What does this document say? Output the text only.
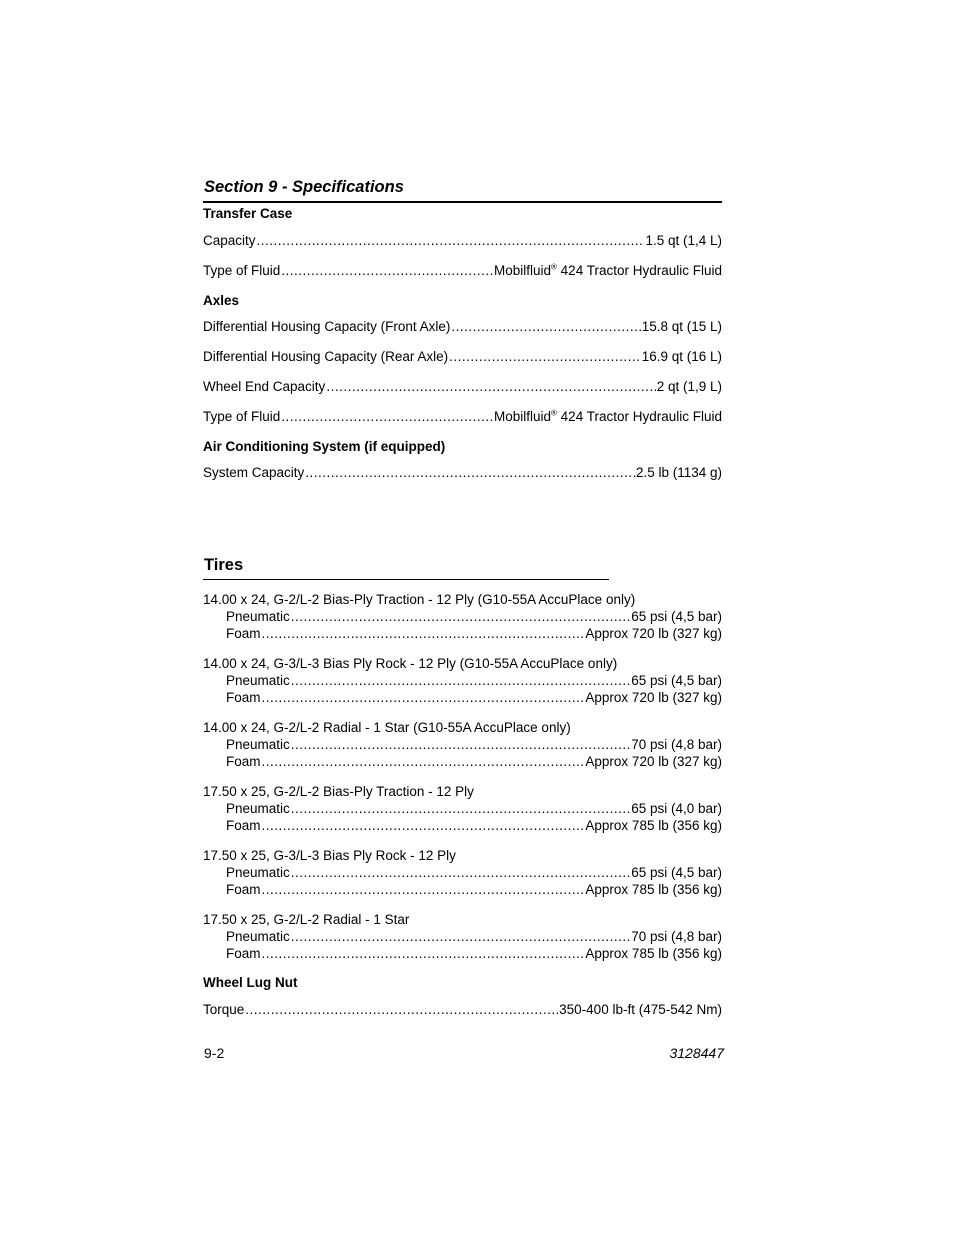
Section 9 - Specifications
Transfer Case
Capacity .....	1.5 qt (1,4 L)
Type of Fluid .....	Mobilfluid® 424 Tractor Hydraulic Fluid
Axles
Differential Housing Capacity (Front Axle) .....	15.8 qt (15 L)
Differential Housing Capacity (Rear Axle) .....	16.9 qt (16 L)
Wheel End Capacity .....	2 qt (1,9 L)
Type of Fluid .....	Mobilfluid® 424 Tractor Hydraulic Fluid
Air Conditioning System (if equipped)
System Capacity .....	2.5 lb (1134 g)
Tires
14.00 x 24, G-2/L-2 Bias-Ply Traction - 12 Ply (G10-55A AccuPlace only)
Pneumatic .....	65 psi (4,5 bar)
Foam .....	Approx 720 lb (327 kg)
14.00 x 24, G-3/L-3 Bias Ply Rock - 12 Ply (G10-55A AccuPlace only)
Pneumatic .....	65 psi (4,5 bar)
Foam .....	Approx 720 lb (327 kg)
14.00 x 24, G-2/L-2 Radial - 1 Star (G10-55A AccuPlace only)
Pneumatic .....	70 psi (4,8 bar)
Foam .....	Approx 720 lb (327 kg)
17.50 x 25, G-2/L-2 Bias-Ply Traction - 12 Ply
Pneumatic .....	65 psi (4,0 bar)
Foam .....	Approx 785 lb (356 kg)
17.50 x 25, G-3/L-3 Bias Ply Rock - 12 Ply
Pneumatic .....	65 psi (4,5 bar)
Foam .....	Approx 785 lb (356 kg)
17.50 x 25, G-2/L-2 Radial - 1 Star
Pneumatic .....	70 psi (4,8 bar)
Foam .....	Approx 785 lb (356 kg)
Wheel Lug Nut
Torque .....	350-400 lb-ft (475-542 Nm)
9-2	3128447
